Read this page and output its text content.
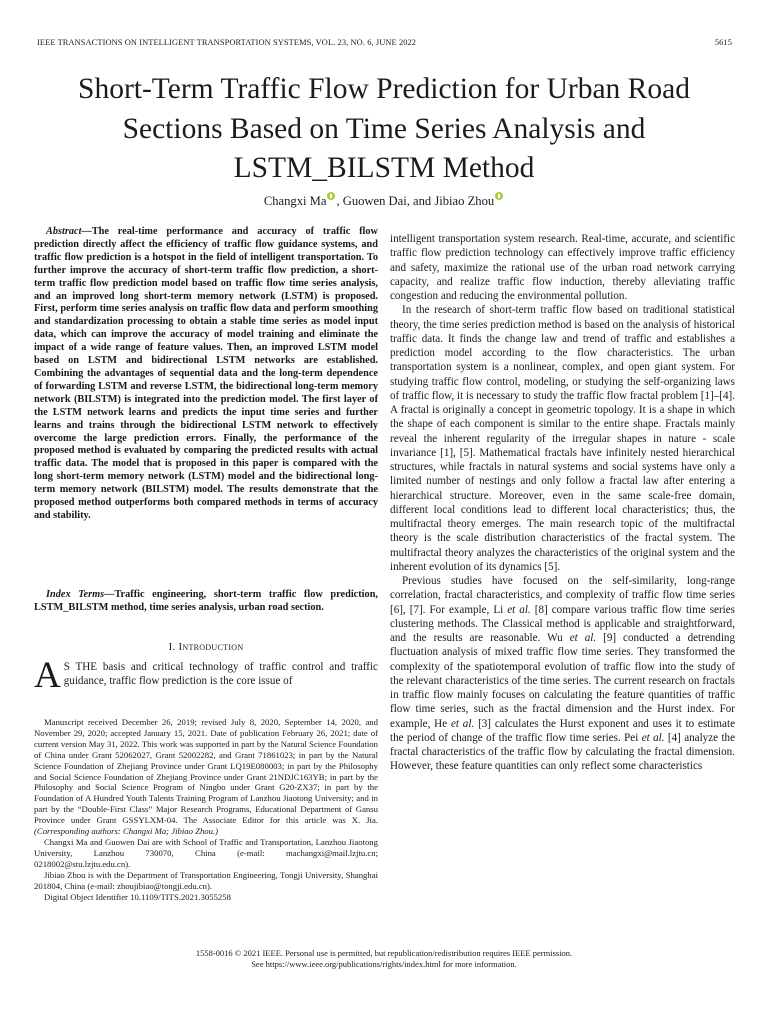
IEEE TRANSACTIONS ON INTELLIGENT TRANSPORTATION SYSTEMS, VOL. 23, NO. 6, JUNE 2022	5615
Short-Term Traffic Flow Prediction for Urban Road
Sections Based on Time Series Analysis and
LSTM_BILSTM Method
Changxi Ma , Guowen Dai, and Jibiao Zhou
Abstract—The real-time performance and accuracy of traffic flow prediction directly affect the efficiency of traffic flow guidance systems, and traffic flow prediction is a hotspot in the field of intelligent transportation. To further improve the accuracy of short-term traffic flow prediction, a short-term traffic flow prediction model based on traffic flow time series analysis, and an improved long short-term memory network (LSTM) is proposed. First, perform time series analysis on traffic flow data and perform smoothing and standardization processing to obtain a stable time series as model input data, which can improve the accuracy of model training and eliminate the impact of a wide range of feature values. Then, an improved LSTM model based on LSTM and bidirectional LSTM networks are established. Combining the advantages of sequential data and the long-term dependence of forwarding LSTM and reverse LSTM, the bidirectional long-term memory network (BILSTM) is integrated into the prediction model. The first layer of the LSTM network learns and predicts the input time series and further learns and trains through the bidirectional LSTM network to effectively overcome the large prediction errors. Finally, the performance of the proposed method is evaluated by comparing the predicted results with actual traffic data. The model that is proposed in this paper is compared with the long short-term memory network (LSTM) model and the bidirectional long-term memory network (BILSTM) model. The results demonstrate that the proposed method outperforms both compared methods in terms of accuracy and stability.
Index Terms—Traffic engineering, short-term traffic flow prediction, LSTM_BILSTM method, time series analysis, urban road section.
I. Introduction
A S THE basis and critical technology of traffic control and traffic guidance, traffic flow prediction is the core issue of

Manuscript received December 26, 2019; revised July 8, 2020, September 14, 2020, and November 29, 2020; accepted January 15, 2021. Date of publication February 26, 2021; date of current version May 31, 2022. This work was supported in part by the Natural Science Foundation of China under Grant 52062027, Grant 52002282, and Grant 71861023; in part by the Natural Science Foundation of Zhejiang Province under Grant LQ19E080003; in part by the Philosophy and Social Science Foundation of Zhejiang Province under Grant 21NDJC163YB; in part by the Philosophy and Social Science Program of Ningbo under Grant G20-ZX37; in part by the Foundation of A Hundred Youth Talents Training Program of Lanzhou Jiaotong University; and in part by the “Double-First Class” Major Research Programs, Educational Department of Gansu Province under Grant GSSYLXM-04. The Associate Editor for this article was X. Jia. (Corresponding authors: Changxi Ma; Jibiao Zhou.)

Changxi Ma and Guowen Dai are with School of Traffic and Transportation, Lanzhou Jiaotong University, Lanzhou 730070, China (e-mail: machangxi@mail.lzjtu.cn; 0218002@stu.lzjtu.edu.cn).

Jibiao Zhou is with the Department of Transportation Engineering, Tongji University, Shanghai 201804, China (e-mail: zhoujibiao@tongji.edu.cn).

Digital Object Identifier 10.1109/TITS.2021.3055258

intelligent transportation system research. Real-time, accurate, and scientific traffic flow prediction technology can effectively improve traffic efficiency and safety, maximize the rational use of the urban road network carrying capacity, and realize traffic flow induction, thereby alleviating traffic congestion and reducing the environmental pollution.

In the research of short-term traffic flow based on traditional statistical theory, the time series prediction method is based on the analysis of historical traffic data. It finds the change law and trend of traffic and establishes a prediction model according to the flow characteristics. The urban transportation system is a nonlinear, complex, and open giant system. For studying traffic flow control, modeling, or studying the self-organizing laws of traffic flow, it is necessary to study the traffic flow fractal problem [1]–[4]. A fractal is originally a concept in geometric topology. It is a shape in which the shape of each component is similar to the entire shape. Fractals mainly reveal the inherent regularity of the irregular shapes in nature - scale invariance [1], [5]. Mathematical fractals have infinitely nested hierarchical structures, while fractals in natural systems and social systems have only a limited number of nestings and only follow a fractal law after entering a hierarchical structure. Moreover, even in the same scale-free domain, different local conditions lead to different local characteristics; thus, the multifractal theory emerges. The main research topic of the multifractal theory is the scale distribution characteristics of the fractal system. The multifractal theory analyzes the characteristics of the original system and the inherent evolution of its dynamics [5].

Previous studies have focused on the self-similarity, long-range correlation, fractal characteristics, and complexity of traffic flow time series [6], [7]. For example, Li et al. [8] compare various traffic flow time series clustering methods. The Classical method is applicable and straightforward, and the results are reasonable. Wu et al. [9] conducted a detrending fluctuation analysis of mixed traffic flow time series. They transformed the complexity of the spatiotemporal evolution of traffic flow into the study of the relevant characteristics of the time series. The current research on fractals in traffic flow mainly focuses on calculating the feature quantities of traffic flow time series, such as the fractal dimension and the Hurst index. For example, He et al. [3] calculates the Hurst exponent and uses it to estimate the period of change of the traffic flow time series. Pei et al. [4] analyze the fractal characteristics of the traffic flow by calculating the fractal dimension. However, these feature quantities can only reflect some characteristics

1558-0016 © 2021 IEEE. Personal use is permitted, but republication/redistribution requires IEEE permission.
See https://www.ieee.org/publications/rights/index.html for more information.
